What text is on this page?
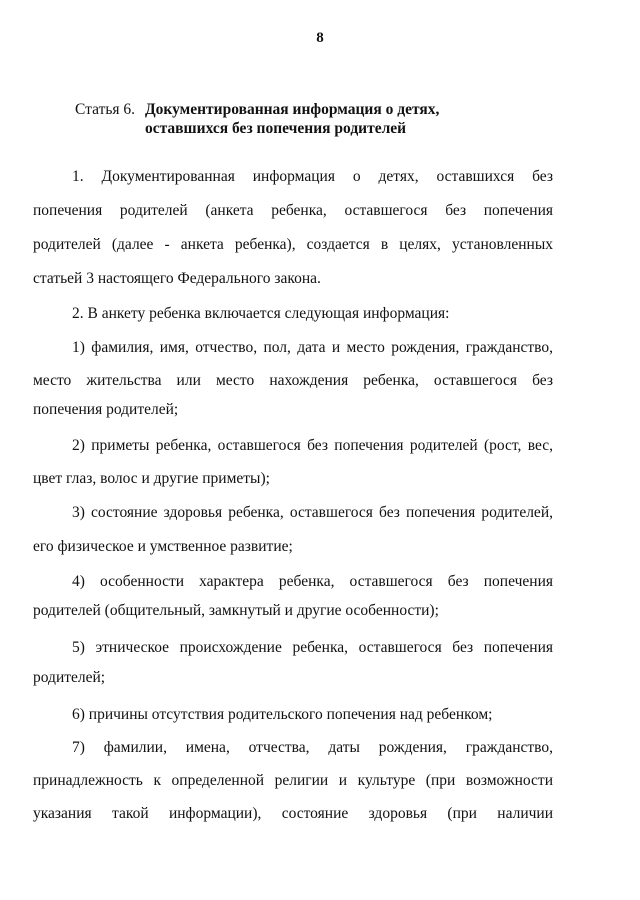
8
Статья 6. Документированная информация о детях,
оставшихся без попечения родителей
1. Документированная информация о детях, оставшихся без
попечения родителей (анкета ребенка, оставшегося без попечения
родителей (далее - анкета ребенка), создается в целях, установленных
статьей 3 настоящего Федерального закона.
2. В анкету ребенка включается следующая информация:
1) фамилия, имя, отчество, пол, дата и место рождения, гражданство,
место жительства или место нахождения ребенка, оставшегося без
попечения родителей;
2) приметы ребенка, оставшегося без попечения родителей (рост, вес,
цвет глаз, волос и другие приметы);
3) состояние здоровья ребенка, оставшегося без попечения родителей,
его физическое и умственное развитие;
4) особенности характера ребенка, оставшегося без попечения
родителей (общительный, замкнутый и другие особенности);
5) этническое происхождение ребенка, оставшегося без попечения
родителей;
6) причины отсутствия родительского попечения над ребенком;
7) фамилии, имена, отчества, даты рождения, гражданство,
принадлежность к определенной религии и культуре (при возможности
указания такой информации), состояние здоровья (при наличии
